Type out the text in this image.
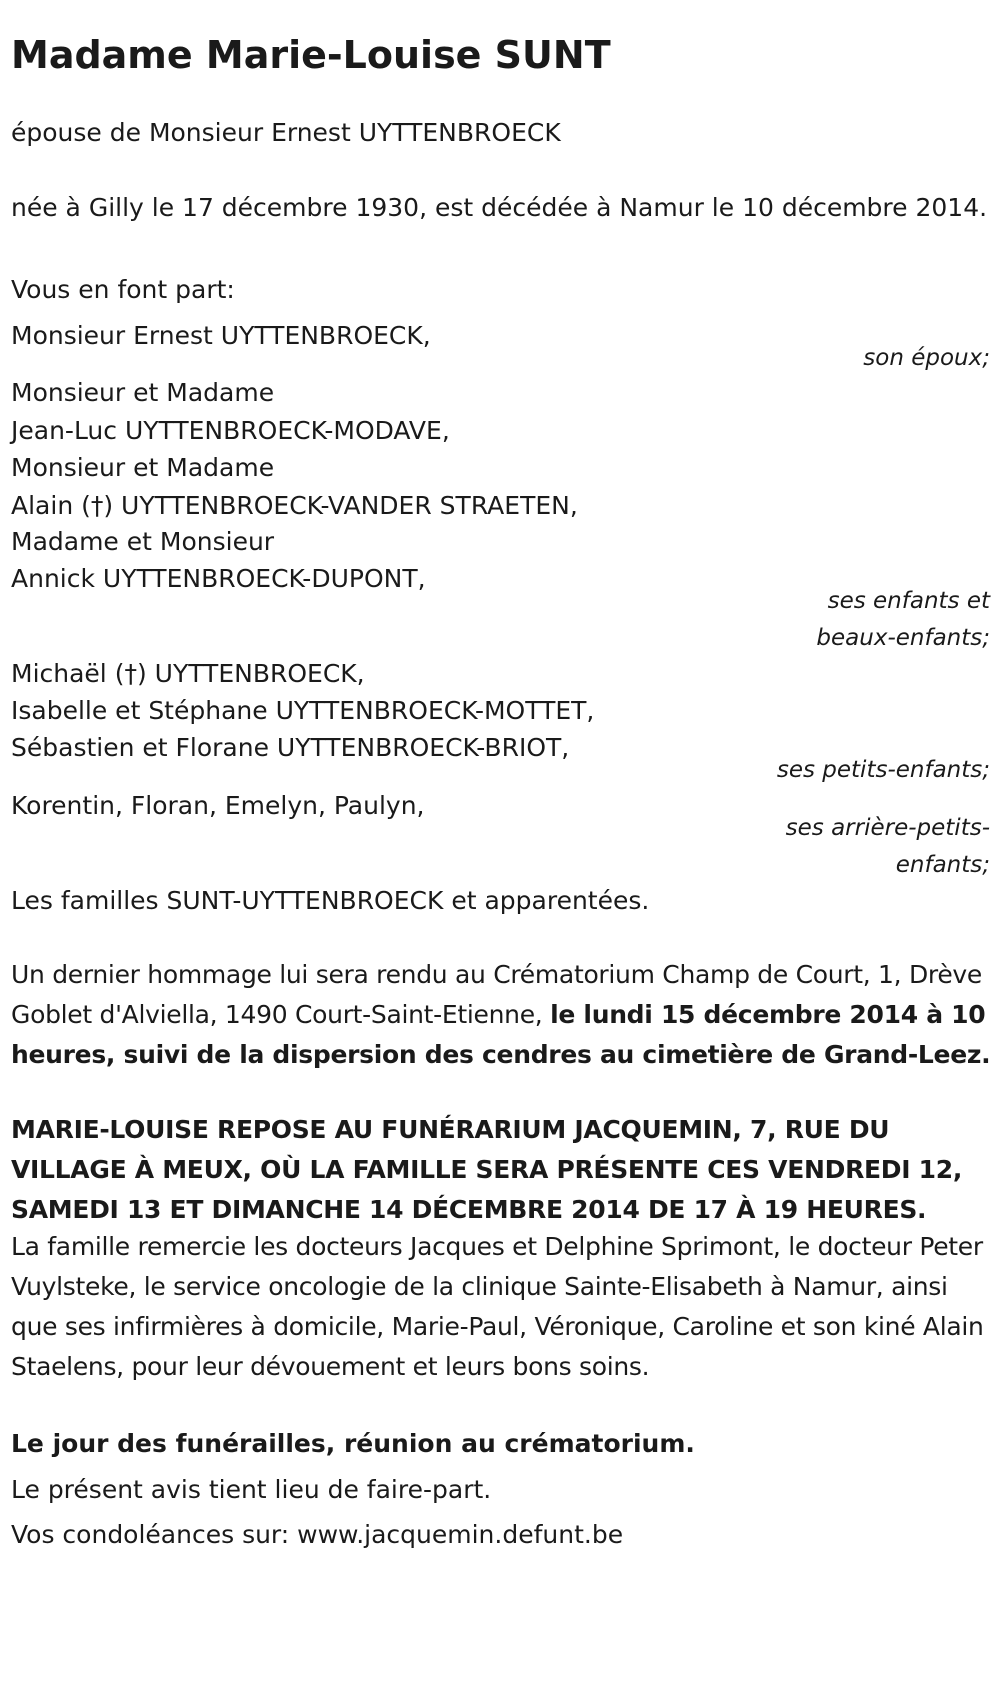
Madame Marie-Louise SUNT

épouse de Monsieur Ernest UYTTENBROECK

née à Gilly le 17 décembre 1930, est décédée à Namur le 10 décembre 2014.

Vous en font part:

Monsieur Ernest UYTTENBROECK,

son époux;

Monsieur et Madame

Jean-Luc UYTTENBROECK-MODAVE,

Monsieur et Madame

Alain (†) UYTTENBROECK-VANDER STRAETEN,

Madame et Monsieur

Annick UYTTENBROECK-DUPONT,

ses enfants et

beaux-enfants;

Michaël (†) UYTTENBROECK,

Isabelle et Stéphane UYTTENBROECK-MOTTET,

Sébastien et Florane UYTTENBROECK-BRIOT,

ses petits-enfants;

Korentin, Floran, Emelyn, Paulyn,

ses arrière-petits-

enfants;

Les familles SUNT-UYTTENBROECK et apparentées.

Un dernier hommage lui sera rendu au Crématorium Champ de Court, 1, Drève Goblet d'Alviella, 1490 Court-Saint-Etienne, le lundi 15 décembre 2014 à 10 heures, suivi de la dispersion des cendres au cimetière de Grand-Leez.

MARIE-LOUISE REPOSE AU FUNÉRARIUM JACQUEMIN, 7, RUE DU VILLAGE À MEUX, OÙ LA FAMILLE SERA PRÉSENTE CES VENDREDI 12, SAMEDI 13 ET DIMANCHE 14 DÉCEMBRE 2014 DE 17 À 19 HEURES.

La famille remercie les docteurs Jacques et Delphine Sprimont, le docteur Peter Vuylsteke, le service oncologie de la clinique Sainte-Elisabeth à Namur, ainsi que ses infirmières à domicile, Marie-Paul, Véronique, Caroline et son kiné Alain Staelens, pour leur dévouement et leurs bons soins.

Le jour des funérailles, réunion au crématorium.

Le présent avis tient lieu de faire-part.

Vos condoléances sur: www.jacquemin.defunt.be
